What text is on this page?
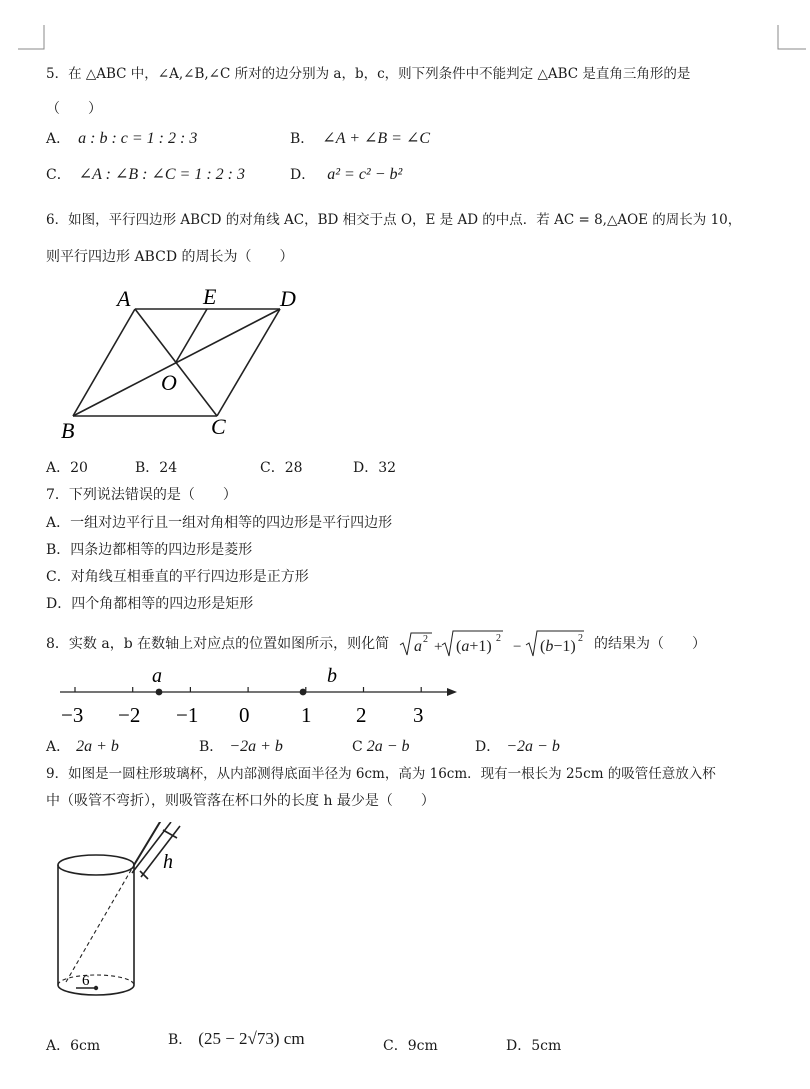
5．在 △ABC 中，∠A,∠B,∠C 所对的边分别为 a，b，c，则下列条件中不能判定 △ABC 是直角三角形的是
（　　）
A． a : b : c = 1 : 2 : 3	B． ∠A + ∠B = ∠C
C． ∠A : ∠B : ∠C = 1 : 2 : 3	D． a² = c² − b²
6．如图，平行四边形 ABCD 的对角线 AC，BD 相交于点 O，E 是 AD 的中点．若 AC = 8,△AOE 的周长为 10，
则平行四边形 ABCD 的周长为（　　）
A	E	D
O
B	C
A．20	B．24	C．28	D．32
7．下列说法错误的是（　　）
A．一组对边平行且一组对角相等的四边形是平行四边形
B．四条边都相等的四边形是菱形
C．对角线互相垂直的平行四边形是正方形
D．四个角都相等的四边形是矩形
8．实数 a，b 在数轴上对应点的位置如图所示，则化简 a 2 + (a+1) 2
− (b−1) 2 的结果为（　　）
a	b
−3 −2 −1 0 1 2 3
A． 2a + b	B． −2a + b	C 2a − b	D． −2a − b
9．如图是一圆柱形玻璃杯，从内部测得底面半径为 6cm，高为 16cm．现有一根长为 25cm 的吸管任意放入杯
中（吸管不弯折），则吸管落在杯口外的长度 h 最少是（　　）
h
6
A．6cm	B． (25 − 2√73) cm	C．9cm	D．5cm
